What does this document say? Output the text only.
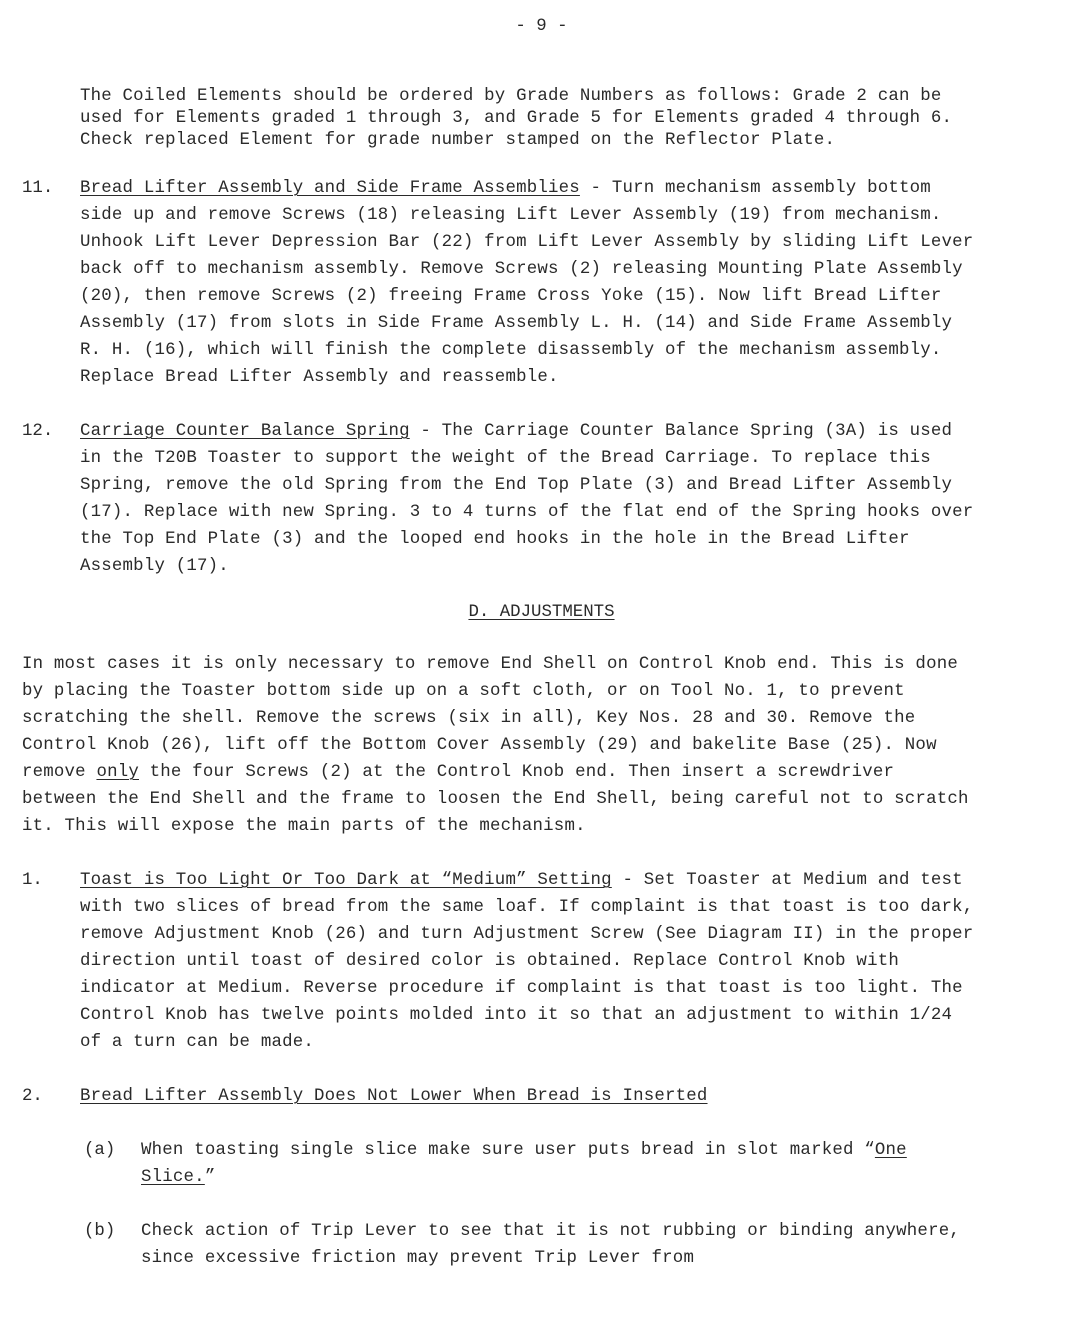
- 9 -
The Coiled Elements should be ordered by Grade Numbers as follows: Grade 2 can be
used for Elements graded 1 through 3, and Grade 5 for Elements graded 4 through 6.
Check replaced Element for grade number stamped on the Reflector Plate.
11. Bread Lifter Assembly and Side Frame Assemblies - Turn mechanism assembly bottom
side up and remove Screws (18) releasing Lift Lever Assembly (19) from mechanism.
Unhook Lift Lever Depression Bar (22) from Lift Lever Assembly by sliding Lift Lever
back off to mechanism assembly. Remove Screws (2) releasing Mounting Plate Assembly
(20), then remove Screws (2) freeing Frame Cross Yoke (15). Now lift Bread Lifter
Assembly (17) from slots in Side Frame Assembly L. H. (14) and Side Frame Assembly
R. H. (16), which will finish the complete disassembly of the mechanism assembly.
Replace Bread Lifter Assembly and reassemble.
12. Carriage Counter Balance Spring - The Carriage Counter Balance Spring (3A) is used
in the T20B Toaster to support the weight of the Bread Carriage. To replace this
Spring, remove the old Spring from the End Top Plate (3) and Bread Lifter Assembly
(17). Replace with new Spring. 3 to 4 turns of the flat end of the Spring hooks over
the Top End Plate (3) and the looped end hooks in the hole in the Bread Lifter
Assembly (17).
D. ADJUSTMENTS
In most cases it is only necessary to remove End Shell on Control Knob end. This is done
by placing the Toaster bottom side up on a soft cloth, or on Tool No. 1, to prevent
scratching the shell. Remove the screws (six in all), Key Nos. 28 and 30. Remove the
Control Knob (26), lift off the Bottom Cover Assembly (29) and bakelite Base (25). Now
remove only the four Screws (2) at the Control Knob end. Then insert a screwdriver
between the End Shell and the frame to loosen the End Shell, being careful not to scratch
it. This will expose the main parts of the mechanism.
1. Toast is Too Light Or Too Dark at “Medium” Setting - Set Toaster at Medium and test
with two slices of bread from the same loaf. If complaint is that toast is too dark,
remove Adjustment Knob (26) and turn Adjustment Screw (See Diagram II) in the proper
direction until toast of desired color is obtained. Replace Control Knob with
indicator at Medium. Reverse procedure if complaint is that toast is too light. The
Control Knob has twelve points molded into it so that an adjustment to within 1/24
of a turn can be made.
2. Bread Lifter Assembly Does Not Lower When Bread is Inserted
(a) When toasting single slice make sure user puts bread in slot marked “One
Slice.”
(b) Check action of Trip Lever to see that it is not rubbing or binding anywhere,
since excessive friction may prevent Trip Lever from
